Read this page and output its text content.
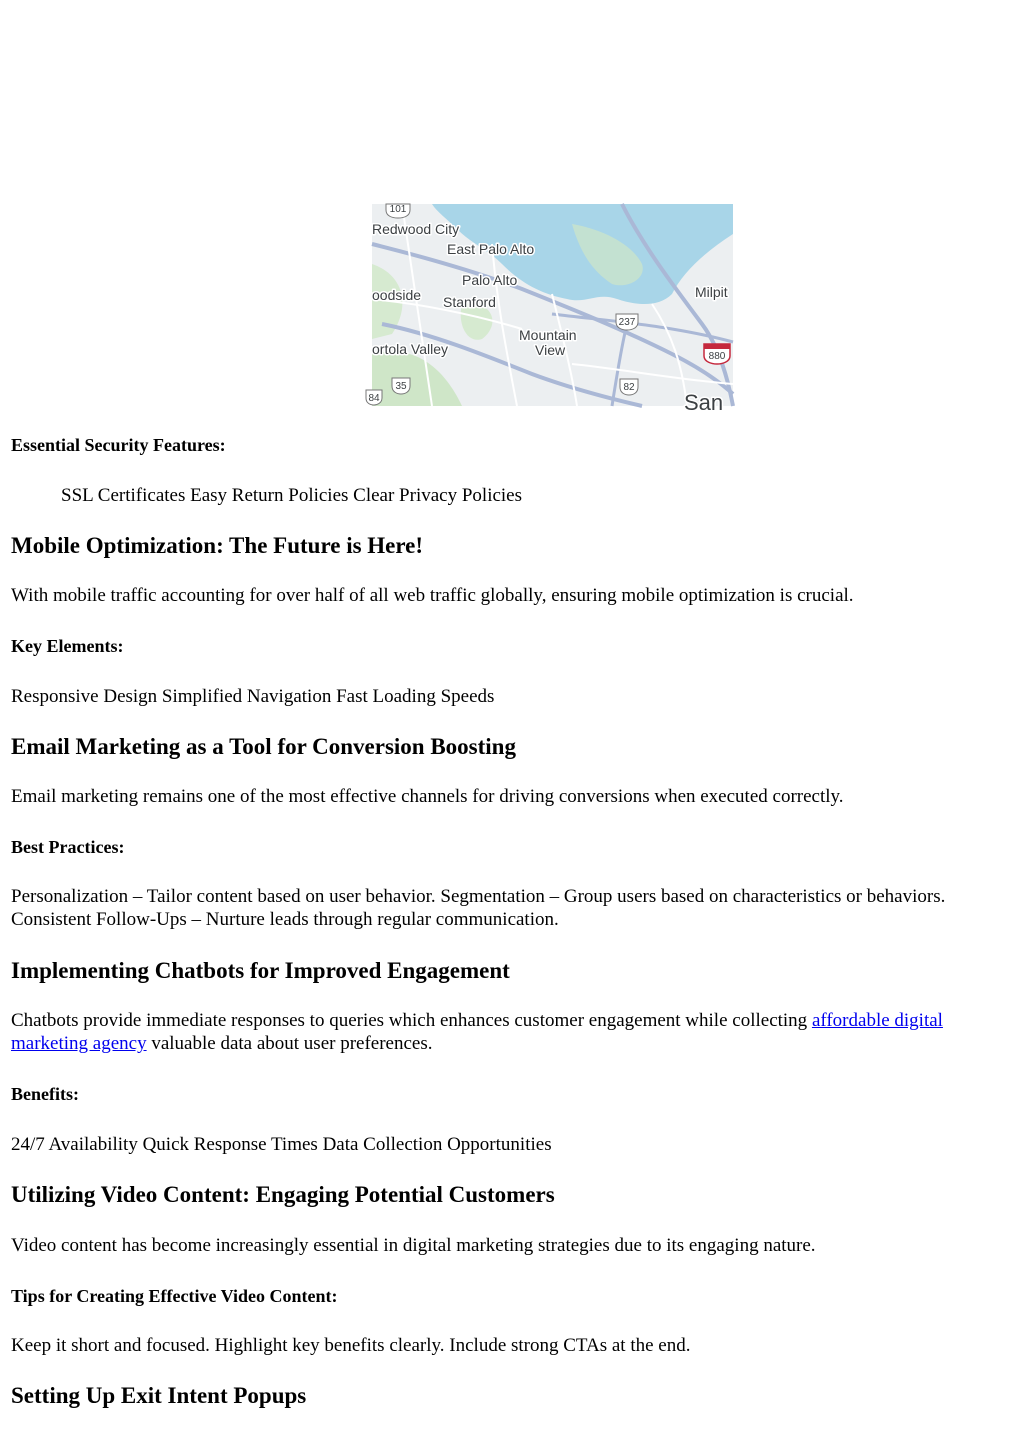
101
237
880
35	82
84
Redwood City
East Palo Alto
Palo Alto
oodside Stanford
Milpit
Mountain
View
ortola Valley
San

Essential Security Features:

SSL Certificates Easy Return Policies Clear Privacy Policies

Mobile Optimization: The Future is Here!

With mobile traffic accounting for over half of all web traffic globally, ensuring mobile optimization is crucial.

Key Elements:

Responsive Design Simplified Navigation Fast Loading Speeds

Email Marketing as a Tool for Conversion Boosting

Email marketing remains one of the most effective channels for driving conversions when executed correctly.

Best Practices:

Personalization – Tailor content based on user behavior. Segmentation – Group users based on characteristics or behaviors. Consistent Follow-Ups – Nurture leads through regular communication.

Implementing Chatbots for Improved Engagement

Chatbots provide immediate responses to queries which enhances customer engagement while collecting affordable digital marketing agency valuable data about user preferences.

Benefits:

24/7 Availability Quick Response Times Data Collection Opportunities

Utilizing Video Content: Engaging Potential Customers

Video content has become increasingly essential in digital marketing strategies due to its engaging nature.

Tips for Creating Effective Video Content:

Keep it short and focused. Highlight key benefits clearly. Include strong CTAs at the end.

Setting Up Exit Intent Popups
